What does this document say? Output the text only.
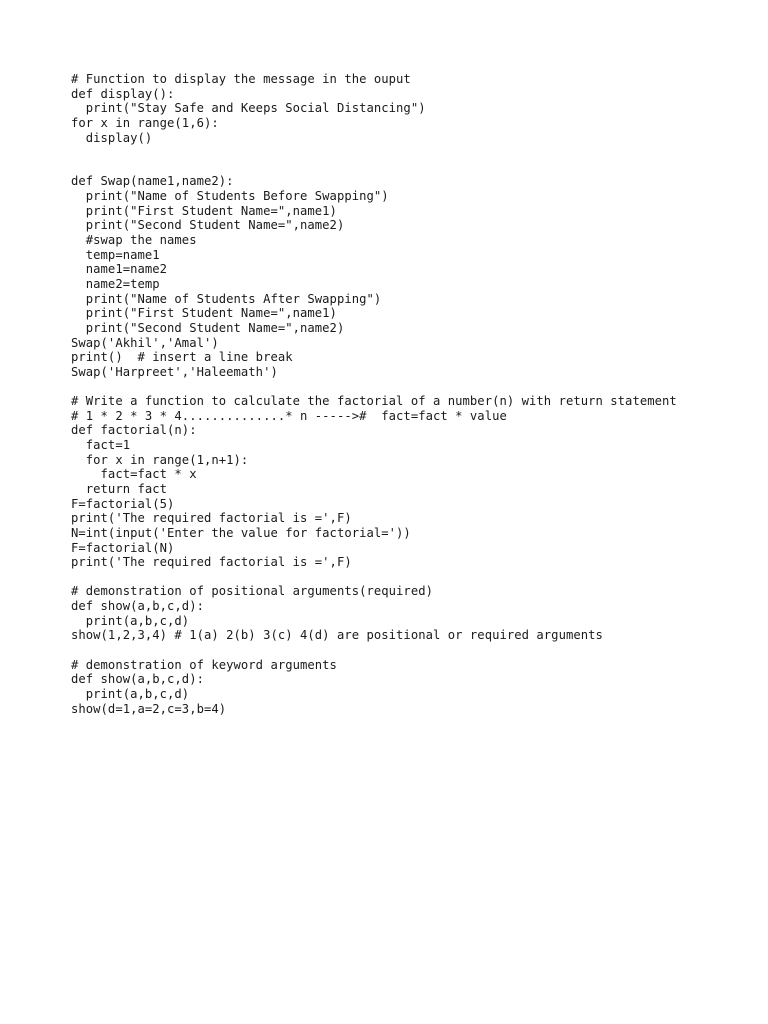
# Function to display the message in the ouput
def display():
print("Stay Safe and Keeps Social Distancing")
for x in range(1,6):
display()
def Swap(name1,name2):
print("Name of Students Before Swapping")
print("First Student Name=",name1)
print("Second Student Name=",name2)
#swap the names
temp=name1
name1=name2
name2=temp
print("Name of Students After Swapping")
print("First Student Name=",name1)
print("Second Student Name=",name2)
Swap('Akhil','Amal')
print()  # insert a line break
Swap('Harpreet','Haleemath')
# Write a function to calculate the factorial of a number(n) with return statement
# 1 * 2 * 3 * 4..............* n ----->#  fact=fact * value
def factorial(n):
fact=1
for x in range(1,n+1):
fact=fact * x
return fact
F=factorial(5)
print('The required factorial is =',F)
N=int(input('Enter the value for factorial='))
F=factorial(N)
print('The required factorial is =',F)
# demonstration of positional arguments(required)
def show(a,b,c,d):
print(a,b,c,d)
show(1,2,3,4) # 1(a) 2(b) 3(c) 4(d) are positional or required arguments
# demonstration of keyword arguments
def show(a,b,c,d):
print(a,b,c,d)
show(d=1,a=2,c=3,b=4)
